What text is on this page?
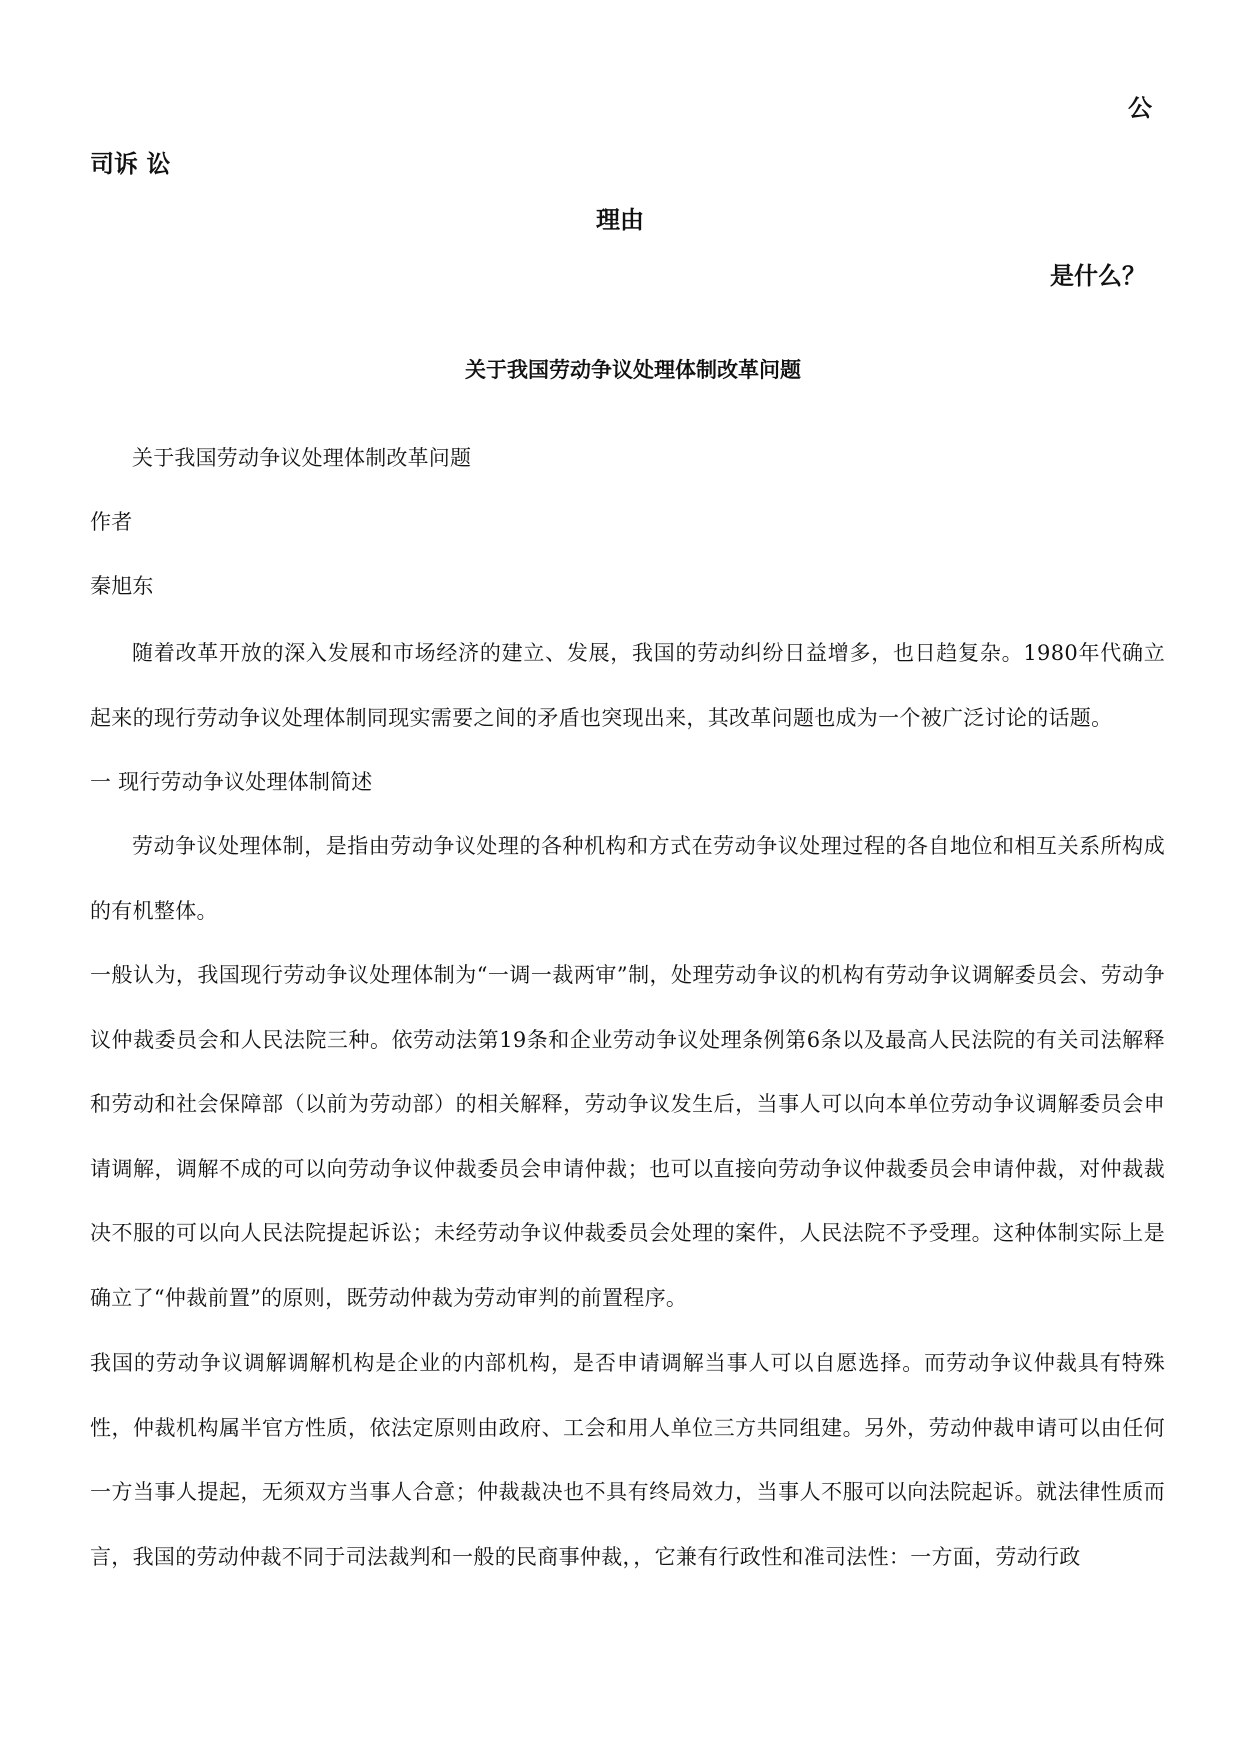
公
司诉 讼
理由
是什么？
关于我国劳动争议处理体制改革问题
关于我国劳动争议处理体制改革问题
作者
秦旭东
随着改革开放的深入发展和市场经济的建立、发展，我国的劳动纠纷日益增多，也日趋复杂。1980年代确立起来的现行劳动争议处理体制同现实需要之间的矛盾也突现出来，其改革问题也成为一个被广泛讨论的话题。
一 现行劳动争议处理体制简述
劳动争议处理体制，是指由劳动争议处理的各种机构和方式在劳动争议处理过程的各自地位和相互关系所构成的有机整体。
一般认为，我国现行劳动争议处理体制为“一调一裁两审”制，处理劳动争议的机构有劳动争议调解委员会、劳动争议仲裁委员会和人民法院三种。依劳动法第19条和企业劳动争议处理条例第6条以及最高人民法院的有关司法解释和劳动和社会保障部（以前为劳动部）的相关解释，劳动争议发生后，当事人可以向本单位劳动争议调解委员会申请调解，调解不成的可以向劳动争议仲裁委员会申请仲裁；也可以直接向劳动争议仲裁委员会申请仲裁，对仲裁裁决不服的可以向人民法院提起诉讼；未经劳动争议仲裁委员会处理的案件，人民法院不予受理。这种体制实际上是确立了“仲裁前置”的原则，既劳动仲裁为劳动审判的前置程序。
我国的劳动争议调解调解机构是企业的内部机构，是否申请调解当事人可以自愿选择。而劳动争议仲裁具有特殊性，仲裁机构属半官方性质，依法定原则由政府、工会和用人单位三方共同组建。另外，劳动仲裁申请可以由任何一方当事人提起，无须双方当事人合意；仲裁裁决也不具有终局效力，当事人不服可以向法院起诉。就法律性质而言，我国的劳动仲裁不同于司法裁判和一般的民商事仲裁，，它兼有行政性和准司法性：一方面，劳动行政
